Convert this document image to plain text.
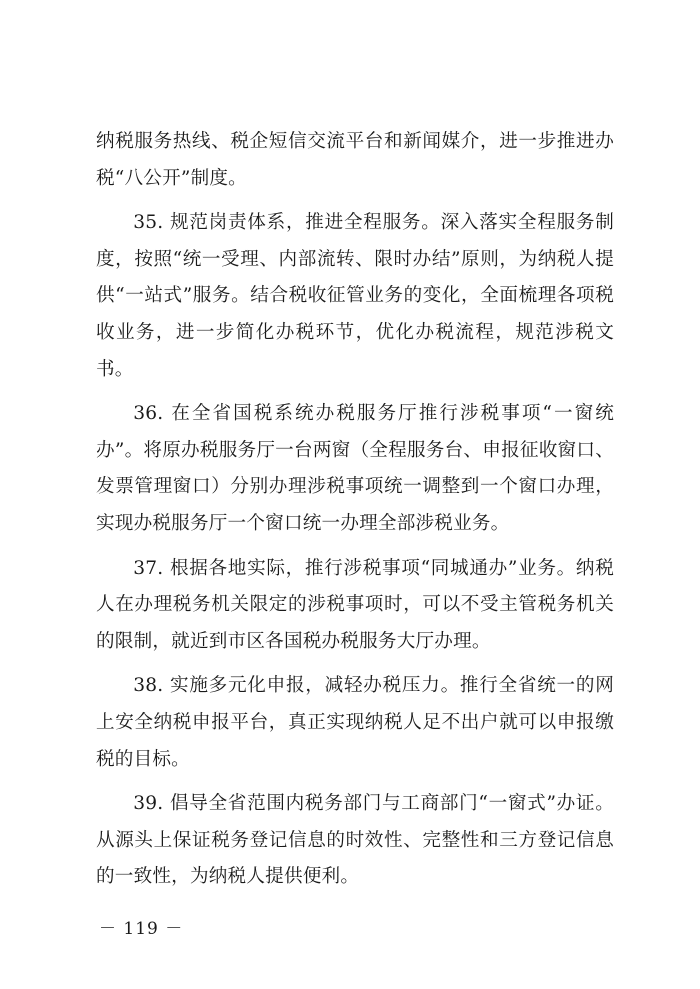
纳税服务热线、税企短信交流平台和新闻媒介，进一步推进办税“八公开”制度。

35. 规范岗责体系，推进全程服务。深入落实全程服务制度，按照“统一受理、内部流转、限时办结”原则，为纳税人提供“一站式”服务。结合税收征管业务的变化，全面梳理各项税收业务，进一步简化办税环节，优化办税流程，规范涉税文书。

36. 在全省国税系统办税服务厅推行涉税事项“一窗统办”。将原办税服务厅一台两窗（全程服务台、申报征收窗口、发票管理窗口）分别办理涉税事项统一调整到一个窗口办理，实现办税服务厅一个窗口统一办理全部涉税业务。

37. 根据各地实际，推行涉税事项“同城通办”业务。纳税人在办理税务机关限定的涉税事项时，可以不受主管税务机关的限制，就近到市区各国税办税服务大厅办理。

38. 实施多元化申报，减轻办税压力。推行全省统一的网上安全纳税申报平台，真正实现纳税人足不出户就可以申报缴税的目标。

39. 倡导全省范围内税务部门与工商部门“一窗式”办证。从源头上保证税务登记信息的时效性、完整性和三方登记信息的一致性，为纳税人提供便利。

－ 119 －
